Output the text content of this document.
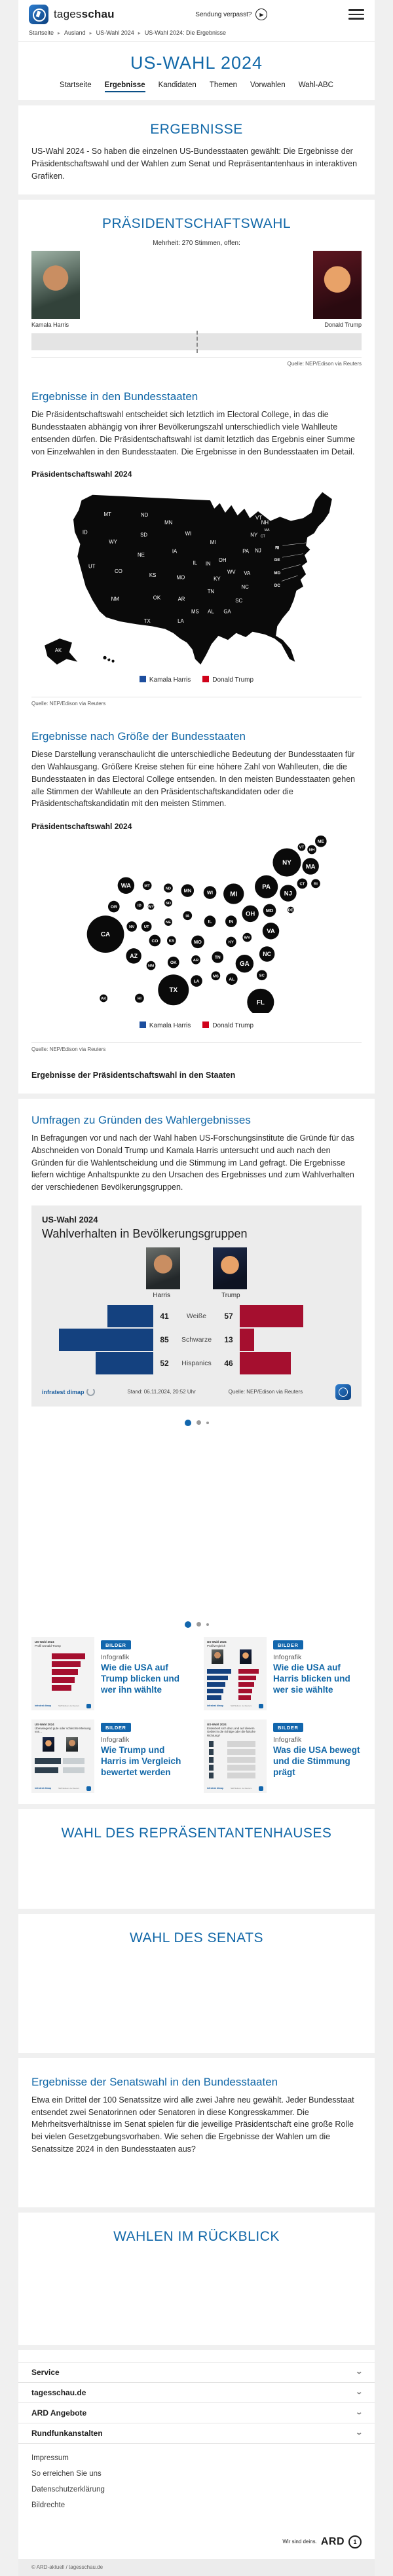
tagesschau	Sendung verpasst?	▶
Startseite ▸ Ausland ▸ US-Wahl 2024 ▸ US-Wahl 2024: Die Ergebnisse
US-WAHL 2024
Startseite Ergebnisse Kandidaten Themen Vorwahlen Wahl-ABC
ERGEBNISSE

US-Wahl 2024 - So haben die einzelnen US-Bundesstaaten gewählt: Die Ergebnisse der Präsidentschaftswahl und der Wahlen zum Senat und Repräsentantenhaus in interaktiven Grafiken.

PRÄSIDENTSCHAFTSWAHL
Mehrheit: 270 Stimmen, offen:
Kamala Harris	Donald Trump
Quelle: NEP/Edison via Reuters
Ergebnisse in den Bundesstaaten

Die Präsidentschaftswahl entscheidet sich letztlich im Electoral College, in das die Bundesstaaten abhängig von ihrer Bevölkerungszahl unterschiedlich viele Wahlleute entsenden dürfen. Die Präsidentschaftswahl ist damit letztlich das Ergebnis einer Summe von Einzelwahlen in den Bundesstaaten. Die Ergebnisse in den Bundesstaaten im Detail.

Präsidentschaftswahl 2024
WA
OR
ID
MT	ND
MN
WI
MI
NY
ME
VT
NH
MA
CT
SD
WY
NV
UT
CO
NE
IA
KS	MO
IL IN
OH
PA NJ
CA
AZ	NM	OK
TX
AR
LA
MS AL
TN
KY
WV VA
NC
SC
GA
FL
AK
HI
RI
DE
MD
DC
Kamala Harris	Donald Trump
Quelle: NEP/Edison via Reuters
Ergebnisse nach Größe der Bundesstaaten

Diese Darstellung veranschaulicht die unterschiedliche Bedeutung der Bundesstaaten für den Wahlausgang. Größere Kreise stehen für eine höhere Zahl von Wahlleuten, die die Bundesstaaten in das Electoral College entsenden. In den meisten Bundesstaaten gehen alle Stimmen der Wahlleute an den Präsidentschaftskandidaten oder die Präsidentschaftskandidatin mit den meisten Stimmen.

Präsidentschaftswahl 2024
ME
VT
NH
NY
MA
CT RI
PA
NJ
WA	MT
ND	MN	WI	MI
OR	ID WY
SD
MD	DE
OH
IA
NE	IL	IN
NV UT
VA
CA
CO	KS	MO	KY
WV
NC
AZ	TN
GA
NM
OK
AR
SC
MS
AL
LA
TX
FL
AK	HI
Kamala Harris	Donald Trump
Quelle: NEP/Edison via Reuters
Ergebnisse der Präsidentschaftswahl in den Staaten
Umfragen zu Gründen des Wahlergebnisses

In Befragungen vor und nach der Wahl haben US-Forschungsinstitute die Gründe für das Abschneiden von Donald Trump und Kamala Harris untersucht und auch nach den Gründen für die Wahlentscheidung und die Stimmung im Land gefragt. Die Ergebnisse liefern wichtige Anhaltspunkte zu den Ursachen des Ergebnisses und zum Wahlverhalten der verschiedenen Bevölkerungsgruppen.

US-Wahl 2024
Wahlverhalten in Bevölkerungsgruppen
Harris	Trump
41	Weiße	57
85	Schwarze	13
52	Hispanics	46
infratest dimap	Stand: 06.11.2024, 20:52 Uhr	Quelle: NEP/Edison via Reuters
US-Wahl 2024
Profil Donald Trump
infratest dimap	NEP/Edison via Reuters
BILDER
Infografik
Wie die USA auf Trump blicken und wer ihn wählte
US-Wahl 2024
Profilvergleich
infratest dimap	NEP/Edison via Reuters
BILDER
Infografik
Wie die USA auf Harris blicken und wer sie wählte
US-Wahl 2024
Überwiegend gute oder schlechte Meinung von...
infratest dimap	NEP/Edison via Reuters
BILDER
Infografik
Wie Trump und Harris im Vergleich bewertet werden
US-Wahl 2024
Entwickelt sich das Land auf diesem Gebiet in die richtige oder die falsche Richtung?
infratest dimap	NEP/Edison via Reuters
BILDER
Infografik
Was die USA bewegt und die Stimmung prägt
WAHL DES REPRÄSENTANTENHAUSES
WAHL DES SENATS
Ergebnisse der Senatswahl in den Bundesstaaten

Etwa ein Drittel der 100 Senatssitze wird alle zwei Jahre neu gewählt. Jeder Bundesstaat entsendet zwei Senatorinnen oder Senatoren in diese Kongresskammer. Die Mehrheitsverhältnisse im Senat spielen für die jeweilige Präsidentschaft eine große Rolle bei vielen Gesetzgebungsvorhaben. Wie sehen die Ergebnisse der Wahlen um die Senatssitze 2024 in den Bundesstaaten aus?

WAHLEN IM RÜCKBLICK
Service	⌄
tagesschau.de	⌄
ARD Angebote	⌄
Rundfunkanstalten	⌄
Impressum
So erreichen Sie uns
Datenschutzerklärung
Bildrechte
Wir sind deins. ARD	1
© ARD-aktuell / tagesschau.de
